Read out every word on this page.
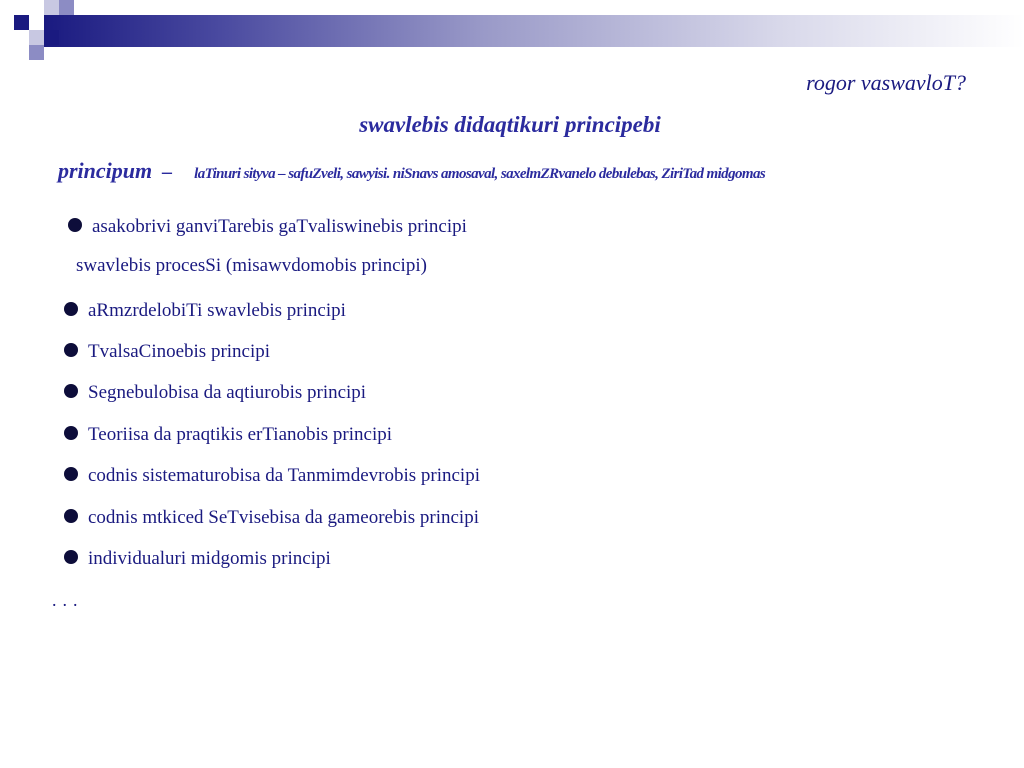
rogor vaswavloT?
swavlebis didaqtikuri principebi
principum – laTinuri sityva – safuZveli, sawyisi. niSnavs amosaval, saxelmZRvanelo debulebas, ZiriTad midgomas
asakobrivi ganviTarebis gaTvaliswinebis principi
swavlebis procesSi (misawvdomobis principi)
aRmzrdelobiTi swavlebis principi
TvalsaCinoebis principi
Segnebulobisa da aqtiurobis principi
Teoriisa da praqtikis erTianobis principi
codnis sistematurobisa da Tanmimdevrobis principi
codnis mtkiced SeTvisebisa da gameorebis principi
individualuri midgomis principi
...
